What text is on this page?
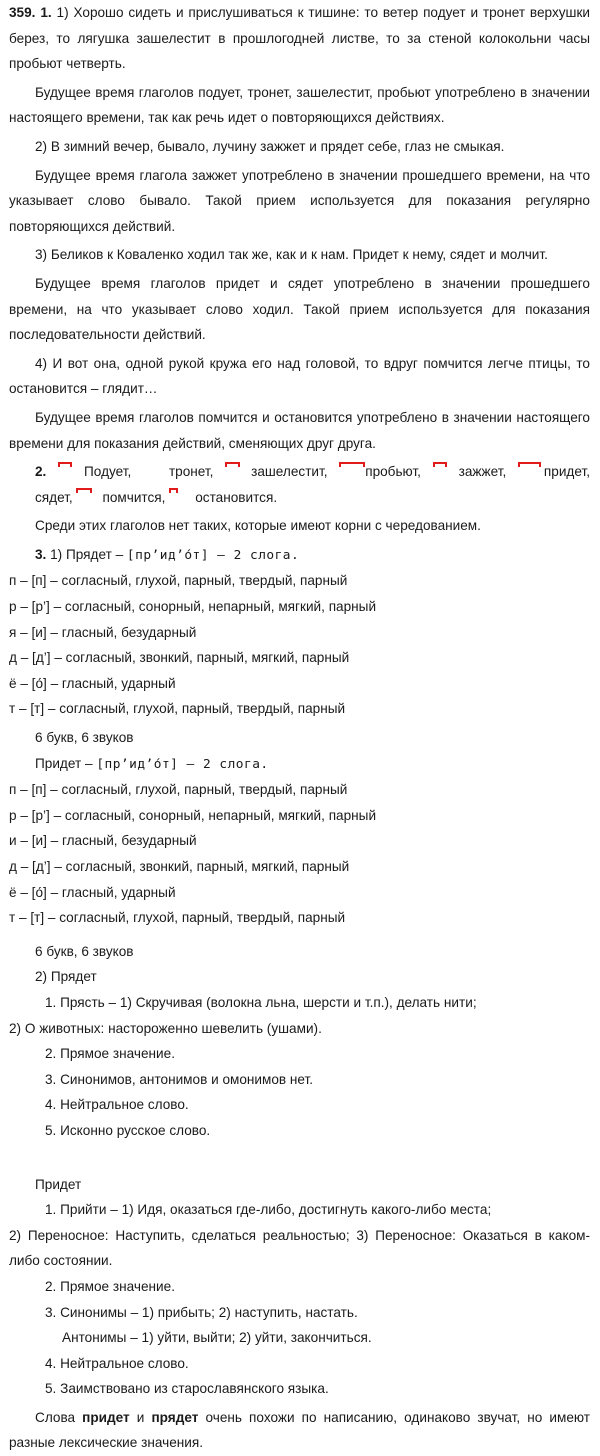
359. 1. 1) Хорошо сидеть и прислушиваться к тишине: то ветер подует и тронет верхушки берез, то лягушка зашелестит в прошлогодней листве, то за стеной колокольни часы пробьют четверть.

Будущее время глаголов подует, тронет, зашелестит, пробьют употреблено в значении настоящего времени, так как речь идет о повторяющихся действиях.

2) В зимний вечер, бывало, лучину зажжет и прядет себе, глаз не смыкая.

Будущее время глагола зажжет употреблено в значении прошедшего времени, на что указывает слово бывало. Такой прием используется для показания регулярно повторяющихся действий.

3) Беликов к Коваленко ходил так же, как и к нам. Придет к нему, сядет и молчит.

Будущее время глаголов придет и сядет употреблено в значении прошедшего времени, на что указывает слово ходил. Такой прием используется для показания последовательности действий.

4) И вот она, одной рукой кружа его над головой, то вдруг помчится легче птицы, то остановится – глядит…

Будущее время глаголов помчится и остановится употреблено в значении настоящего времени для показания действий, сменяющих друг друга.

2.	Подует,	тронет,	зашелестит,	пробьют,	зажжет,	придет,
сядет, помчится, остановится.

Среди этих глаголов нет таких, которые имеют корни с чередованием.

3. 1) Прядет – [пр’ид’о́т] – 2 слога.

п – [п] – согласный, глухой, парный, твердый, парный

р – [р’] – согласный, сонорный, непарный, мягкий, парный

я – [и] – гласный, безударный

д – [д’] – согласный, звонкий, парный, мягкий, парный

ё – [о́] – гласный, ударный

т – [т] – согласный, глухой, парный, твердый, парный

6 букв, 6 звуков

Придет – [пр’ид’о́т] – 2 слога.

п – [п] – согласный, глухой, парный, твердый, парный

р – [р’] – согласный, сонорный, непарный, мягкий, парный

и – [и] – гласный, безударный

д – [д’] – согласный, звонкий, парный, мягкий, парный

ё – [о́] – гласный, ударный

т – [т] – согласный, глухой, парный, твердый, парный

6 букв, 6 звуков

2) Прядет

1. Прясть – 1) Скручивая (волокна льна, шерсти и т.п.), делать нити;

2) О животных: настороженно шевелить (ушами).

2. Прямое значение.

3. Синонимов, антонимов и омонимов нет.

4. Нейтральное слово.

5. Исконно русское слово.

Придет

1. Прийти – 1) Идя, оказаться где-либо, достигнуть какого-либо места;

2) Переносное: Наступить, сделаться реальностью; 3) Переносное: Оказаться в каком-либо состоянии.

2. Прямое значение.

3. Синонимы – 1) прибыть; 2) наступить, настать.

Антонимы – 1) уйти, выйти; 2) уйти, закончиться.

4. Нейтральное слово.

5. Заимствовано из старославянского языка.

Слова придет и прядет очень похожи по написанию, одинаково звучат, но имеют разные лексические значения.
